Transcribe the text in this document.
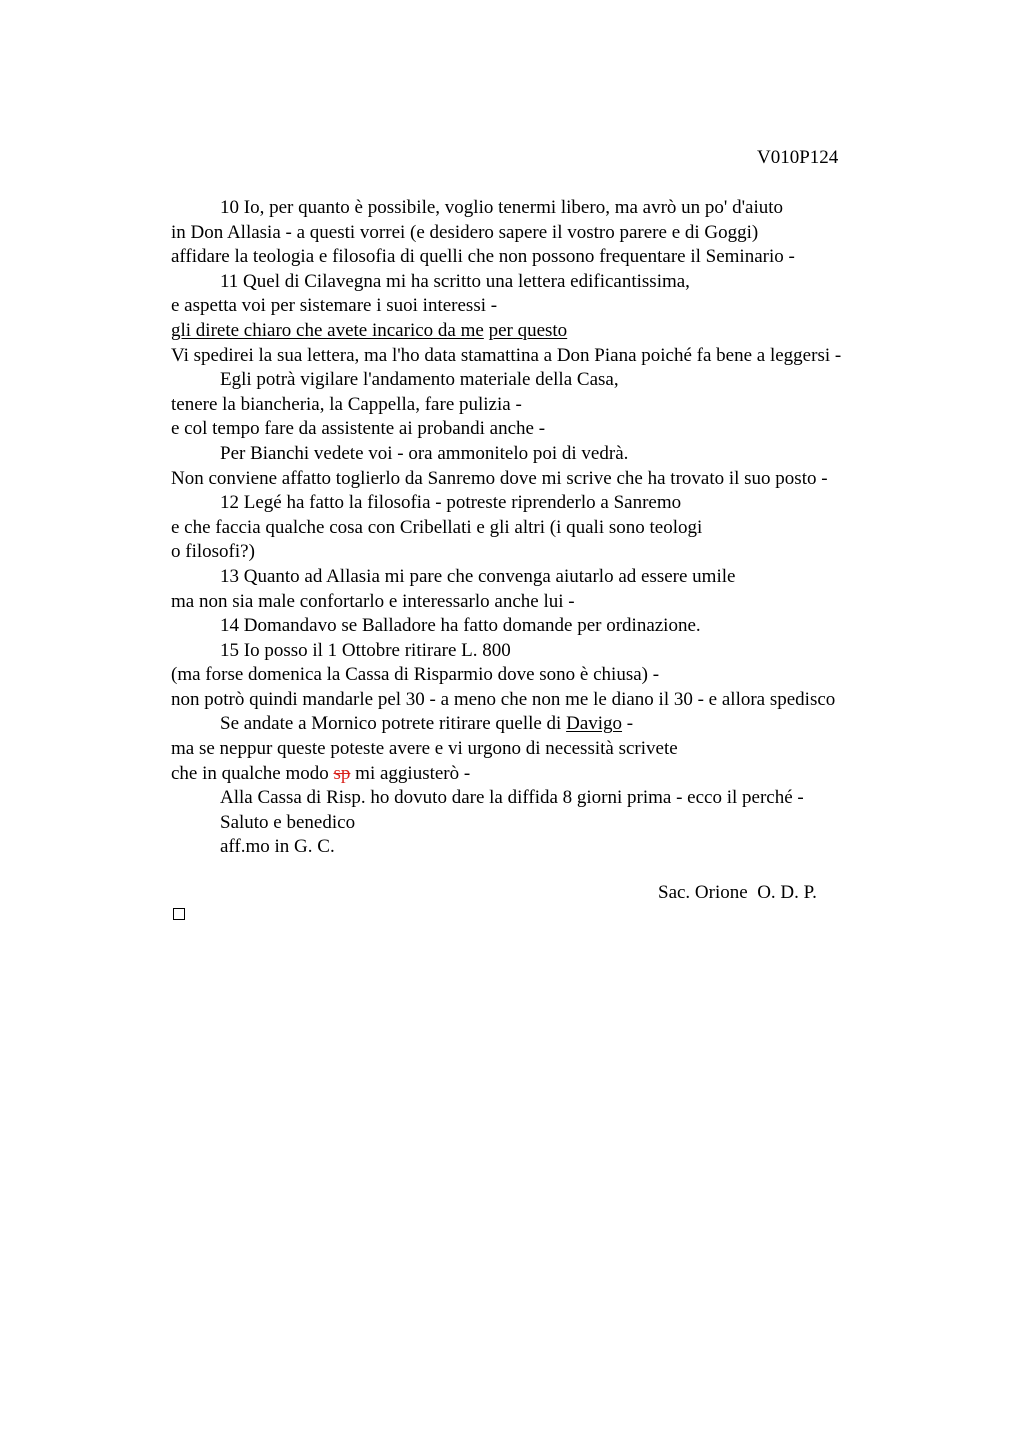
V010P124
10 Io, per quanto è possibile, voglio tenermi libero, ma avrò un po' d'aiuto
in Don Allasia - a questi vorrei (e desidero sapere il vostro parere e di Goggi)
affidare la teologia e filosofia di quelli che non possono frequentare il Seminario -
11 Quel di Cilavegna mi ha scritto una lettera edificantissima,
e aspetta voi per sistemare i suoi interessi -
gli direte chiaro che avete incarico da me per questo
Vi spedirei la sua lettera, ma l'ho data stamattina a Don Piana poiché fa bene a leggersi -
Egli potrà vigilare l'andamento materiale della Casa,
tenere la biancheria, la Cappella, fare pulizia -
e col tempo fare da assistente ai probandi anche -
Per Bianchi vedete voi - ora ammonitelo poi di vedrà.
Non conviene affatto toglierlo da Sanremo dove mi scrive che ha trovato il suo posto -
12 Legé ha fatto la filosofia - potreste riprenderlo a Sanremo
e che faccia qualche cosa con Cribellati e gli altri (i quali sono teologi
o filosofi?)
13 Quanto ad Allasia mi pare che convenga aiutarlo ad essere umile
ma non sia male confortarlo e interessarlo anche lui -
14 Domandavo se Balladore ha fatto domande per ordinazione.
15 Io posso il 1 Ottobre ritirare L. 800
(ma forse domenica la Cassa di Risparmio dove sono è chiusa) -
non potrò quindi mandarle pel 30 - a meno che non me le diano il 30 - e allora spedisco
Se andate a Mornico potrete ritirare quelle di Davigo -
ma se neppur queste poteste avere e vi urgono di necessità scrivete
che in qualche modo sp mi aggiusterò -
Alla Cassa di Risp. ho dovuto dare la diffida 8 giorni prima - ecco il perché -
Saluto e benedico
aff.mo in G. C.
Sac. Orione  O. D. P.
